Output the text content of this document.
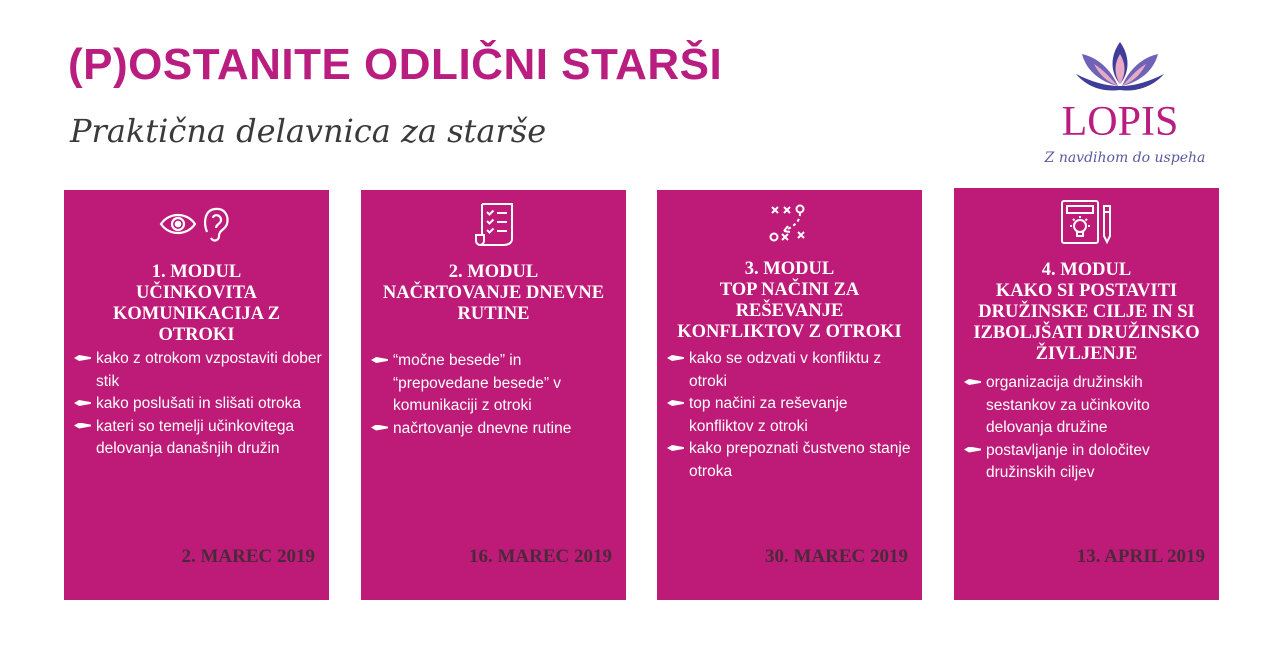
(P)OSTANITE ODLIČNI STARŠI
Praktična delavnica za starše	LOPIS
Z navdihom do uspeha
1. MODUL
UČINKOVITA
KOMUNIKACIJA Z
OTROKI
kako z otrokom vzpostaviti dober stik
kako poslušati in slišati otroka
kateri so temelji učinkovitega delovanja današnjih družin
2. MAREC 2019
2. MODUL
NAČRTOVANJE DNEVNE
RUTINE
“močne besede” in “prepovedane besede” v komunikaciji z otroki
načrtovanje dnevne rutine
16. MAREC 2019
3. MODUL
TOP NAČINI ZA
REŠEVANJE
KONFLIKTOV Z OTROKI
kako se odzvati v konfliktu z otroki
top načini za reševanje konfliktov z otroki
kako prepoznati čustveno stanje otroka
30. MAREC 2019
4. MODUL
KAKO SI POSTAVITI
DRUŽINSKE CILJE IN SI
IZBOLJŠATI DRUŽINSKO
ŽIVLJENJE
organizacija družinskih sestankov za učinkovito delovanja družine
postavljanje in določitev družinskih ciljev
13. APRIL 2019
